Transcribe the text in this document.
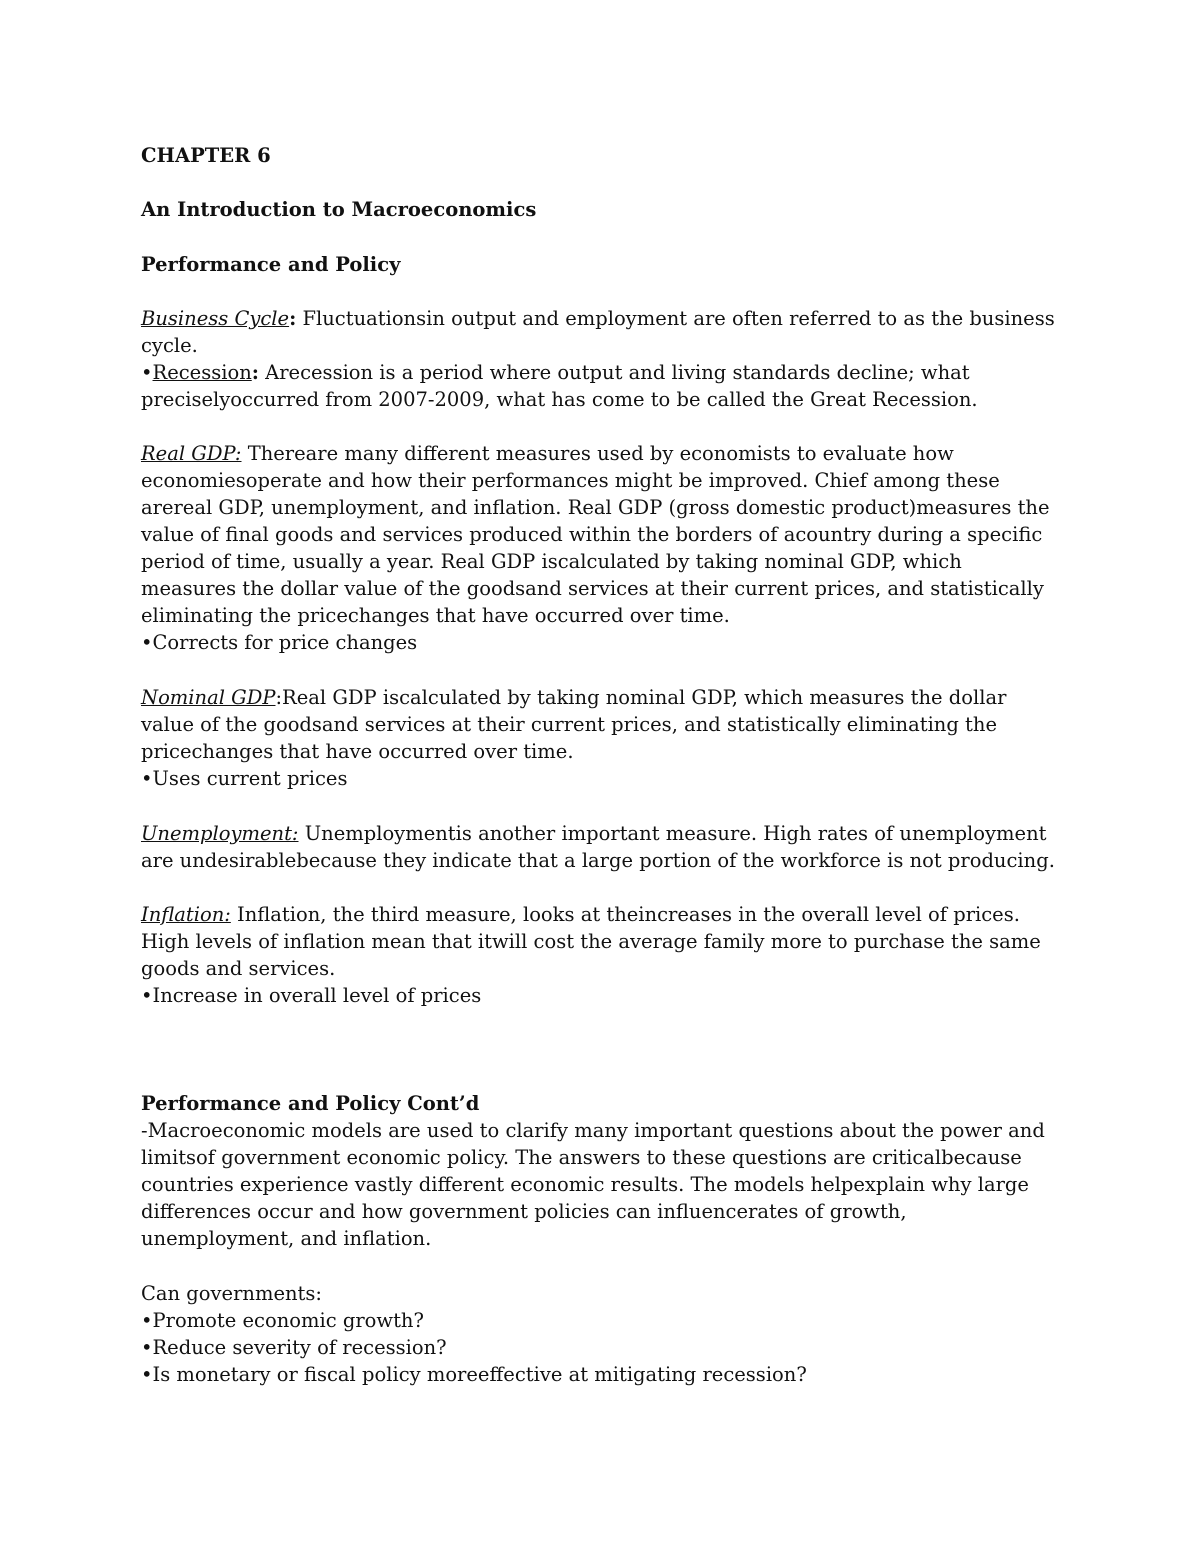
CHAPTER 6

An Introduction to Macroeconomics

Performance and Policy

Business Cycle: Fluctuationsin output and employment are often referred to as the business cycle.
•Recession: Arecession is a period where output and living standards decline; what preciselyoccurred from 2007-2009, what has come to be called the Great Recession.

Real GDP: Thereare many different measures used by economists to evaluate how economiesoperate and how their performances might be improved. Chief among these arereal GDP, unemployment, and inflation. Real GDP (gross domestic product)measures the value of final goods and services produced within the borders of acountry during a specific period of time, usually a year. Real GDP iscalculated by taking nominal GDP, which measures the dollar value of the goodsand services at their current prices, and statistically eliminating the pricechanges that have occurred over time.
•Corrects for price changes

Nominal GDP:Real GDP iscalculated by taking nominal GDP, which measures the dollar value of the goodsand services at their current prices, and statistically eliminating the pricechanges that have occurred over time.
•Uses current prices

Unemployment: Unemploymentis another important measure. High rates of unemployment are undesirablebecause they indicate that a large portion of the workforce is not producing.

Inflation: Inflation, the third measure, looks at theincreases in the overall level of prices. High levels of inflation mean that itwill cost the average family more to purchase the same goods and services.
•Increase in overall level of prices

Performance and Policy Cont’d
-Macroeconomic models are used to clarify many important questions about the power and limitsof government economic policy. The answers to these questions are criticalbecause countries experience vastly different economic results. The models helpexplain why large differences occur and how government policies can influencerates of growth, unemployment, and inflation.

Can governments:
•Promote economic growth?
•Reduce severity of recession?
•Is monetary or fiscal policy moreeffective at mitigating recession?
